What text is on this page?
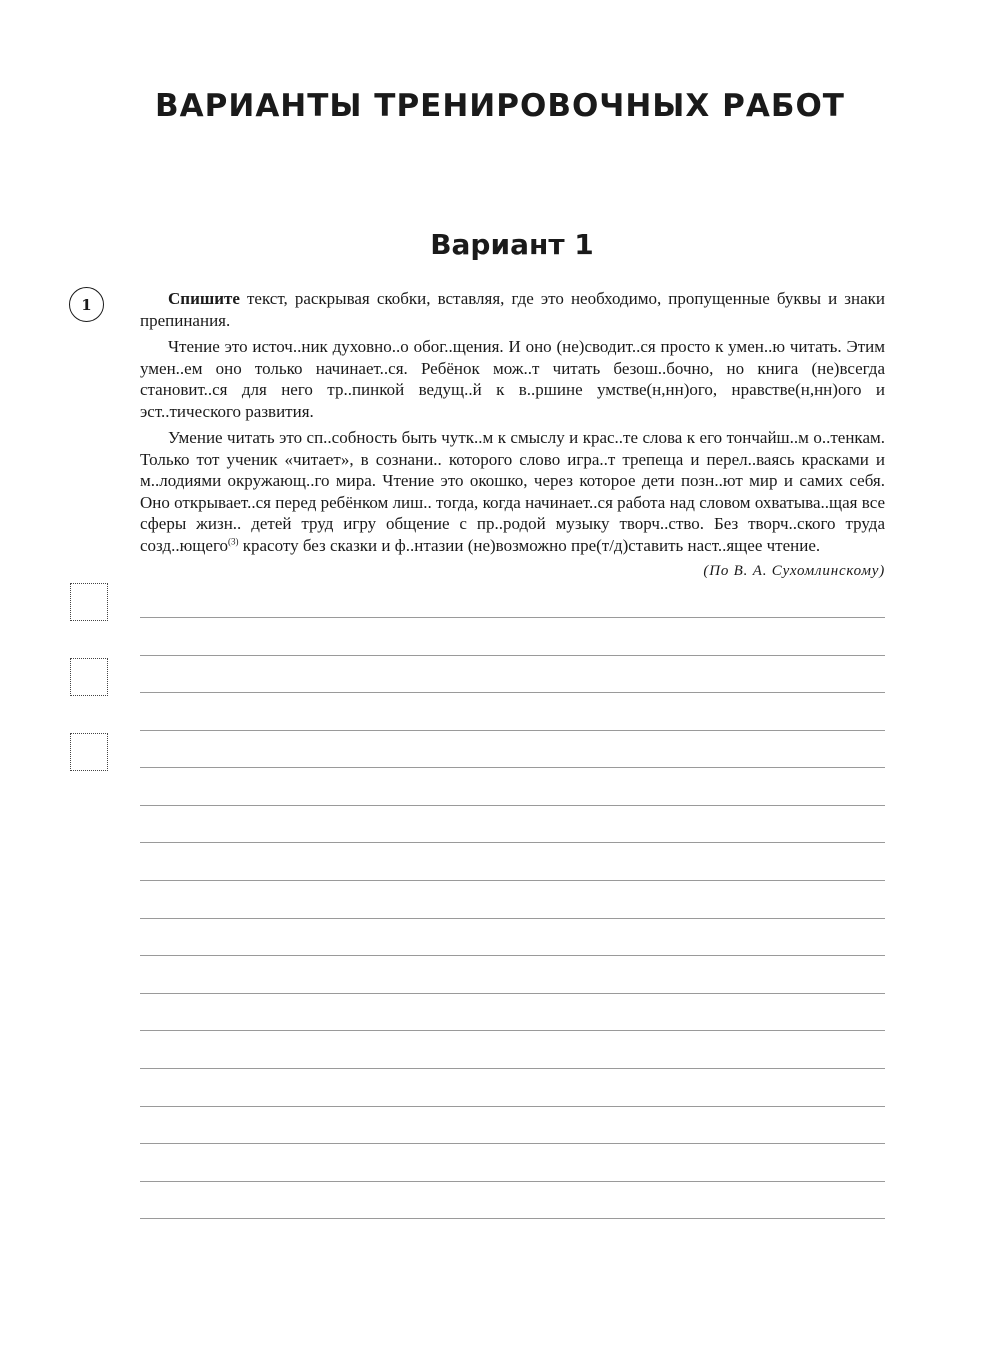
ВАРИАНТЫ ТРЕНИРОВОЧНЫХ РАБОТ
Вариант 1
1	Спишите текст, раскрывая скобки, вставляя, где это необходимо, пропущенные буквы и знаки препинания.

Чтение это источ..ник духовно..о обог..щения. И оно (не)сводит..ся просто к умен..ю читать. Этим умен..ем оно только начинает..ся. Ребёнок мож..т читать безош..бочно, но книга (не)всегда становит..ся для него тр..пинкой ведущ..й к в..ршине умстве(н,нн)ого, нравстве(н,нн)ого и эст..тического развития.

Умение читать это сп..собность быть чутк..м к смыслу и крас..те слова к его тончайш..м о..тенкам. Только тот ученик «читает», в сознани.. которого слово игра..т трепеща и перел..ваясь красками и м..лодиями окружающ..го мира. Чтение это окошко, через которое дети позн..ют мир и самих себя. Оно открывает..ся перед ребёнком лиш.. тогда, когда начинает..ся работа над словом охватыва..щая все сферы жизн.. детей труд игру общение с пр..родой музыку творч..ство. Без творч..ского труда созд..ющего$^{(3)}$ красоту без сказки и ф..нтазии (не)возможно пре(т/д)ставить наст..ящее чтение.

(По В. А. Сухомлинскому)
